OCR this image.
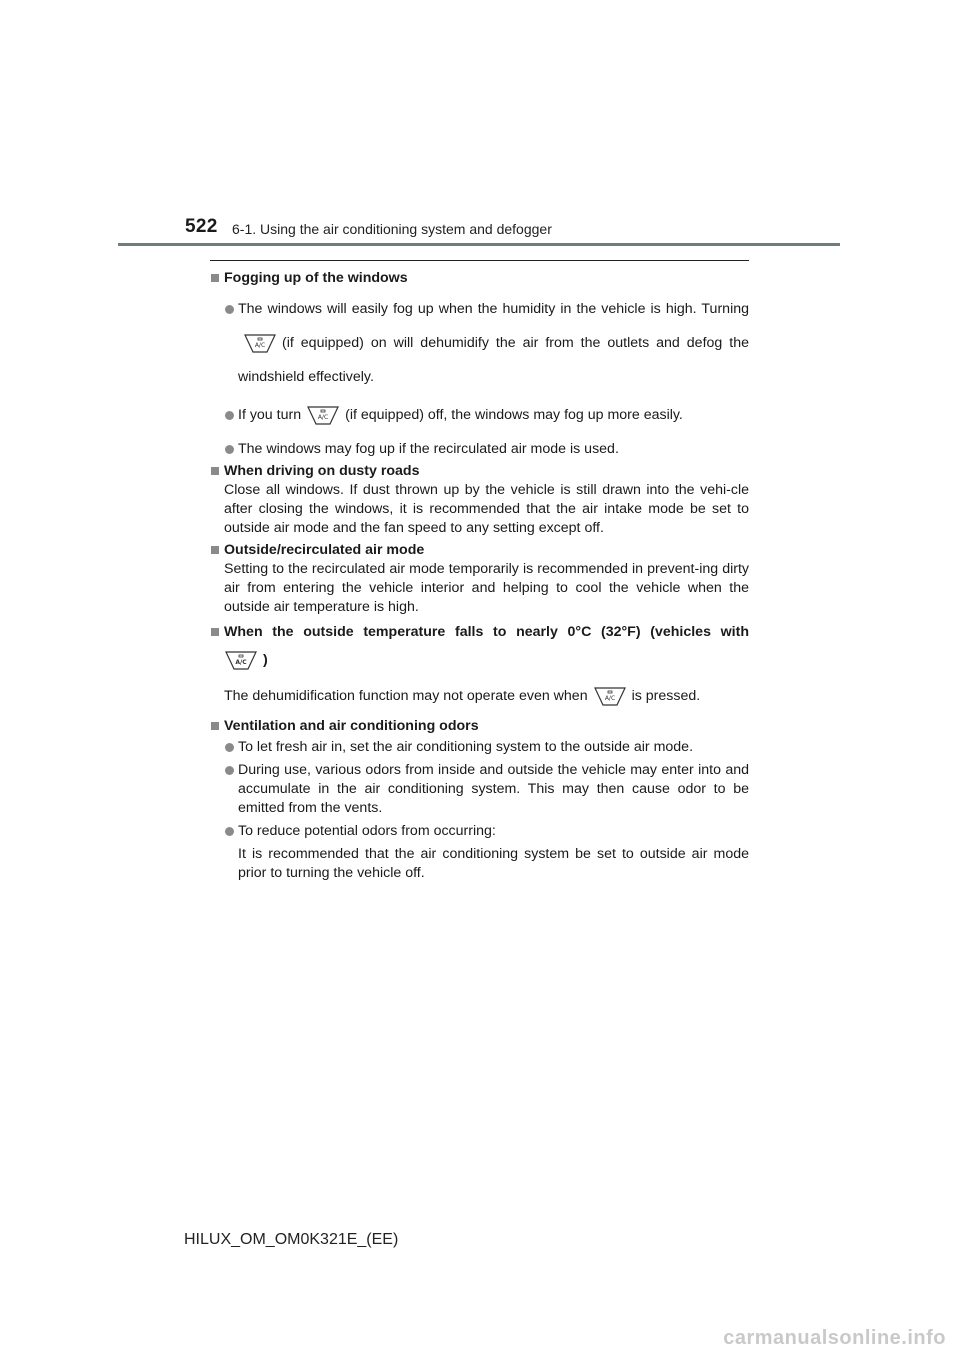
522 6-1. Using the air conditioning system and defogger
Fogging up of the windows
The windows will easily fog up when the humidity in the vehicle is high. Turning
A/C (if equipped) on will dehumidify the air from the outlets and defog the windshield effectively.
If you turn	A/C (if equipped) off, the windows may fog up more easily.
The windows may fog up if the recirculated air mode is used.
When driving on dusty roads
Close all windows. If dust thrown up by the vehicle is still drawn into the vehi-cle after closing the windows, it is recommended that the air intake mode be set to outside air mode and the fan speed to any setting except off.
Outside/recirculated air mode
Setting to the recirculated air mode temporarily is recommended in prevent-ing dirty air from entering the vehicle interior and helping to cool the vehicle when the outside air temperature is high.
When the outside temperature falls to nearly 0°C (32°F) (vehicles with
A/C )
The dehumidification function may not operate even when	A/C is pressed.
Ventilation and air conditioning odors
To let fresh air in, set the air conditioning system to the outside air mode.
During use, various odors from inside and outside the vehicle may enter into and accumulate in the air conditioning system. This may then cause odor to be emitted from the vents.
To reduce potential odors from occurring:
It is recommended that the air conditioning system be set to outside air mode prior to turning the vehicle off.
HILUX_OM_OM0K321E_(EE)
carmanualsonline.info
